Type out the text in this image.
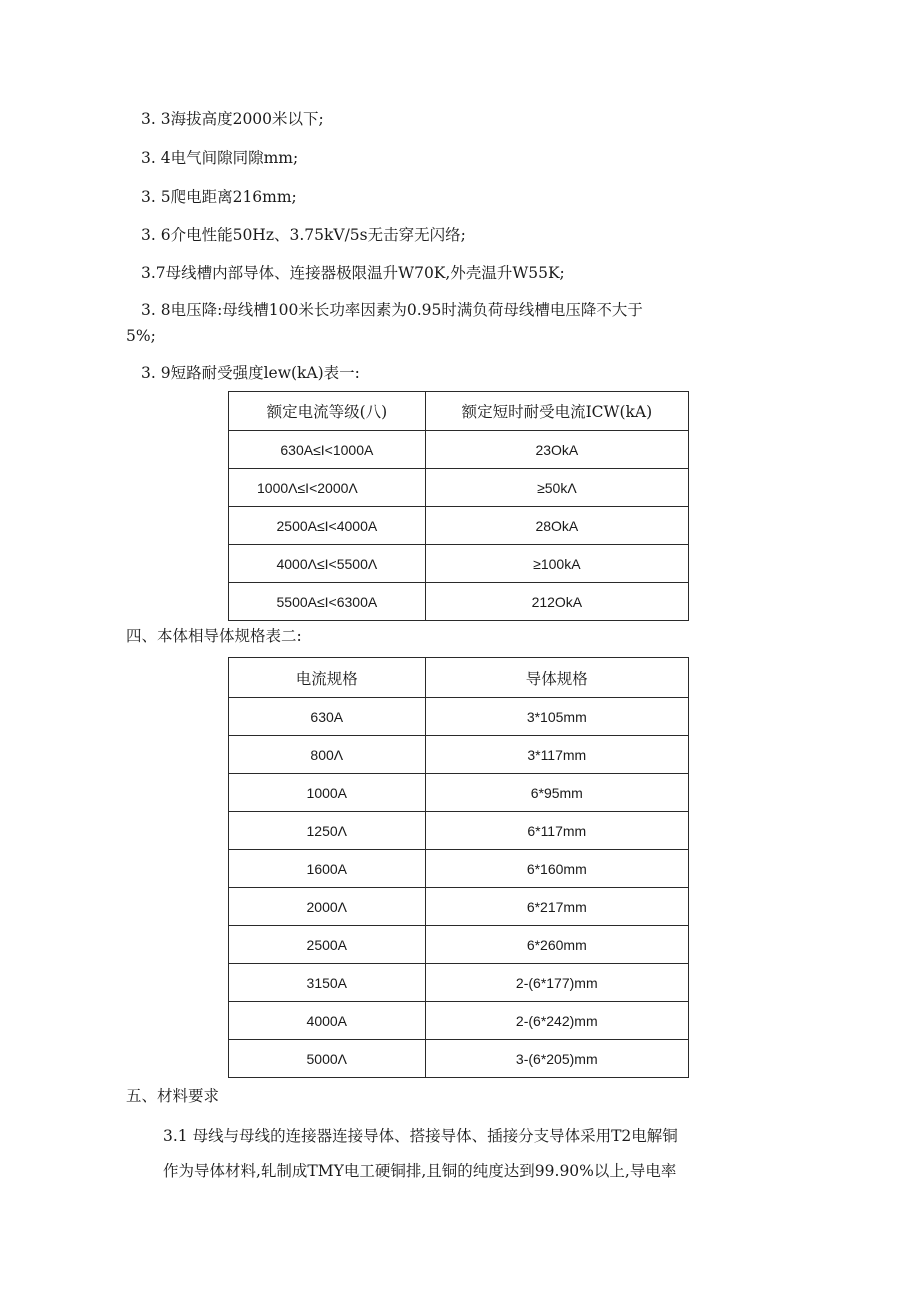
3. 3海拔高度2000米以下;
3. 4电气间隙同隙mm;
3. 5爬电距离216mm;
3. 6介电性能50Hz、3.75kV/5s无击穿无闪络;
3.7母线槽内部导体、连接器极限温升W70K,外壳温升W55K;
3. 8电压降:母线槽100米长功率因素为0.95时满负荷母线槽电压降不大于
5%;
3. 9短路耐受强度lew(kA)表一:
额定电流等级(八)	额定短时耐受电流ICW(kA)
630A≤I<1000A	23OkA
1000Λ≤I<2000Λ	≥50kΛ
2500A≤I<4000A	28OkA
4000Λ≤I<5500Λ	≥100kA
5500A≤I<6300A	212OkA
四、本体相导体规格表二:
电流规格	导体规格
630A	3*105mm
800Λ	3*117mm
1000A	6*95mm
1250Λ	6*117mm
1600A	6*160mm
2000Λ	6*217mm
2500A	6*260mm
3150A	2-(6*177)mm
4000A	2-(6*242)mm
5000Λ	3-(6*205)mm
五、材料要求
3.1 母线与母线的连接器连接导体、搭接导体、插接分支导体采用T2电解铜
作为导体材料,轧制成TMY电工硬铜排,且铜的纯度达到99.90%以上,导电率
